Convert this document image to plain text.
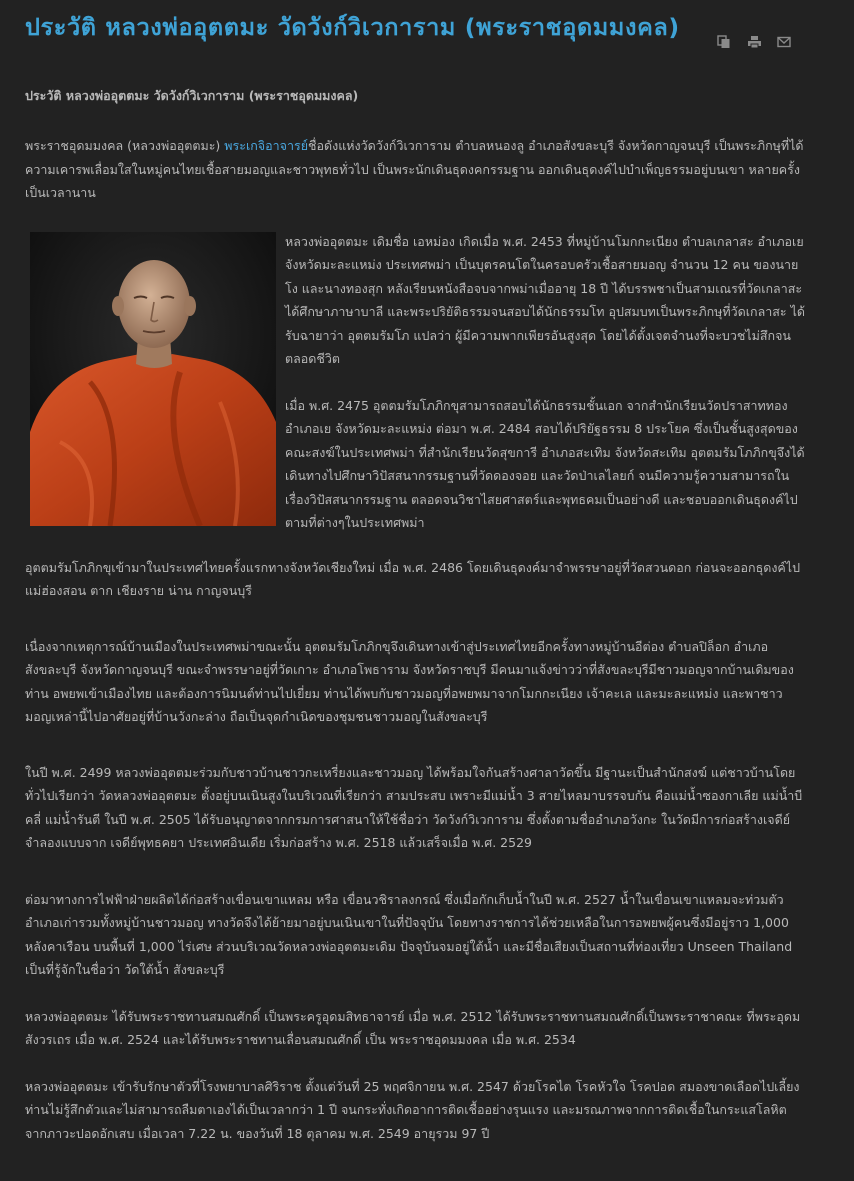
ประวัติ หลวงพ่ออุตตมะ วัดวังก์วิเวการาม (พระราชอุดมมงคล)
ประวัติ หลวงพ่ออุตตมะ วัดวังก์วิเวการาม (พระราชอุดมมงคล)

พระราชอุดมมงคล (หลวงพ่ออุตตมะ) พระเกจิอาจารย์ชื่อดังแห่งวัดวังก์วิเวการาม ตำบลหนองลู อำเภอสังขละบุรี จังหวัดกาญจนบุรี เป็นพระภิกษุที่ได้ความเคารพเลื่อมใสในหมู่คนไทยเชื้อสายมอญและชาวพุทธทั่วไป เป็นพระนักเดินธุดงคกรรมฐาน ออกเดินธุดงค์ไปบำเพ็ญธรรมอยู่บนเขา หลายครั้งเป็นเวลานาน

หลวงพ่ออุตตมะ เดิมชื่อ เอหม่อง เกิดเมื่อ พ.ศ. 2453 ที่หมู่บ้านโมกกะเนียง ตำบลเกลาสะ อำเภอเย จังหวัดมะละแหม่ง ประเทศพม่า เป็นบุตรคนโตในครอบครัวเชื้อสายมอญ จำนวน 12 คน ของนายโง และนางทองสุก หลังเรียนหนังสือจบจากพม่าเมื่ออายุ 18 ปี ได้บรรพชาเป็นสามเณรที่วัดเกลาสะ ได้ศึกษาภาษาบาลี และพระปริยัติธรรมจนสอบได้นักธรรมโท อุปสมบทเป็นพระภิกษุที่วัดเกลาสะ ได้รับฉายาว่า อุตตมรัมโภ แปลว่า ผู้มีความพากเพียรอันสูงสุด โดยได้ตั้งเจตจำนงที่จะบวชไม่สึกจนตลอดชีวิต

เมื่อ พ.ศ. 2475 อุตตมรัมโภภิกขุสามารถสอบได้นักธรรมชั้นเอก จากสำนักเรียนวัดปราสาททอง อำเภอเย จังหวัดมะละแหม่ง ต่อมา พ.ศ. 2484 สอบได้ปริยัฐธรรม 8 ประโยค ซึ่งเป็นชั้นสูงสุดของคณะสงฆ์ในประเทศพม่า ที่สำนักเรียนวัดสุขการี อำเภอสะเทิม จังหวัดสะเทิม อุตตมรัมโภภิกขุจึงได้เดินทางไปศึกษาวิปัสสนากรรมฐานที่วัดดองจอย และวัดป่าเลไลยก์ จนมีความรู้ความสามารถในเรื่องวิปัสสนากรรมฐาน ตลอดจนวิชาไสยศาสตร์และพุทธคมเป็นอย่างดี และชอบออกเดินธุดงค์ไปตามที่ต่างๆในประเทศพม่า

อุตตมรัมโภภิกขุเข้ามาในประเทศไทยครั้งแรกทางจังหวัดเชียงใหม่ เมื่อ พ.ศ. 2486 โดยเดินธุดงค์มาจำพรรษาอยู่ที่วัดสวนดอก ก่อนจะออกธุดงค์ไปแม่ฮ่องสอน ตาก เชียงราย น่าน กาญจนบุรี

เนื่องจากเหตุการณ์บ้านเมืองในประเทศพม่าขณะนั้น อุตตมรัมโภภิกขุจึงเดินทางเข้าสู่ประเทศไทยอีกครั้งทางหมู่บ้านอีต่อง ตำบลปิล็อก อำเภอสังขละบุรี จังหวัดกาญจนบุรี ขณะจำพรรษาอยู่ที่วัดเกาะ อำเภอโพธาราม จังหวัดราชบุรี มีคนมาแจ้งข่าวว่าที่สังขละบุรีมีชาวมอญจากบ้านเดิมของท่าน อพยพเข้าเมืองไทย และต้องการนิมนต์ท่านไปเยี่ยม ท่านได้พบกับชาวมอญที่อพยพมาจากโมกกะเนียง เจ้าคะเล และมะละแหม่ง และพาชาวมอญเหล่านี้ไปอาศัยอยู่ที่บ้านวังกะล่าง ถือเป็นจุดกำเนิดของชุมชนชาวมอญในสังขละบุรี

ในปี พ.ศ. 2499 หลวงพ่ออุตตมะร่วมกับชาวบ้านชาวกะเหรี่ยงและชาวมอญ ได้พร้อมใจกันสร้างศาลาวัดขึ้น มีฐานะเป็นสำนักสงฆ์ แต่ชาวบ้านโดยทั่วไปเรียกว่า วัดหลวงพ่ออุตตมะ ตั้งอยู่บนเนินสูงในบริเวณที่เรียกว่า สามประสบ เพราะมีแม่น้ำ 3 สายไหลมาบรรจบกัน คือแม่น้ำซองกาเลีย แม่น้ำบีคลี่ แม่น้ำรันตี ในปี พ.ศ. 2505 ได้รับอนุญาตจากกรมการศาสนาให้ใช้ชื่อว่า วัดวังก์วิเวการาม ซึ่งตั้งตามชื่ออำเภอวังกะ ในวัดมีการก่อสร้างเจดีย์จำลองแบบจาก เจดีย์พุทธคยา ประเทศอินเดีย เริ่มก่อสร้าง พ.ศ. 2518 แล้วเสร็จเมื่อ พ.ศ. 2529

ต่อมาทางการไฟฟ้าฝ่ายผลิตได้ก่อสร้างเขื่อนเขาแหลม หรือ เขื่อนวชิราลงกรณ์ ซึ่งเมื่อกักเก็บน้ำในปี พ.ศ. 2527 น้ำในเขื่อนเขาแหลมจะท่วมตัวอำเภอเก่ารวมทั้งหมู่บ้านชาวมอญ ทางวัดจึงได้ย้ายมาอยู่บนเนินเขาในที่ปัจจุบัน โดยทางราชการได้ช่วยเหลือในการอพยพผู้คนซึ่งมีอยู่ราว 1,000 หลังคาเรือน บนพื้นที่ 1,000 ไร่เศษ ส่วนบริเวณวัดหลวงพ่ออุตตมะเดิม ปัจจุบันจมอยู่ใต้น้ำ และมีชื่อเสียงเป็นสถานที่ท่องเที่ยว Unseen Thailand เป็นที่รู้จักในชื่อว่า วัดใต้น้ำ สังขละบุรี

หลวงพ่ออุตตมะ ได้รับพระราชทานสมณศักดิ์ เป็นพระครูอุดมสิทธาจารย์ เมื่อ พ.ศ. 2512 ได้รับพระราชทานสมณศักดิ์เป็นพระราชาคณะ ที่พระอุดมสังวรเถร เมื่อ พ.ศ. 2524 และได้รับพระราชทานเลื่อนสมณศักดิ์ เป็น พระราชอุดมมงคล เมื่อ พ.ศ. 2534

หลวงพ่ออุตตมะ เข้ารับรักษาตัวที่โรงพยาบาลศิริราช ตั้งแต่วันที่ 25 พฤศจิกายน พ.ศ. 2547 ด้วยโรคไต โรคหัวใจ โรคปอด สมองขาดเลือดไปเลี้ยง ท่านไม่รู้สึกตัวและไม่สามารถลืมตาเองได้เป็นเวลากว่า 1 ปี จนกระทั่งเกิดอาการติดเชื้ออย่างรุนแรง และมรณภาพจากการติดเชื้อในกระแสโลหิตจากภาวะปอดอักเสบ เมื่อเวลา 7.22 น. ของวันที่ 18 ตุลาคม พ.ศ. 2549 อายุรวม 97 ปี
